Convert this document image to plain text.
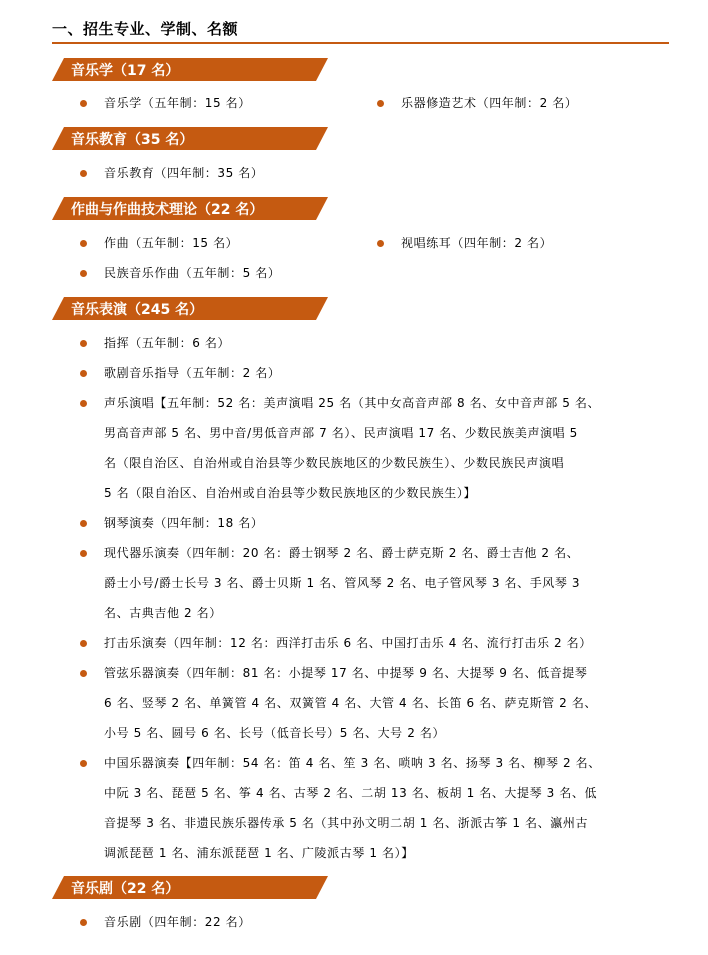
一、招生专业、学制、名额
音乐学（17 名）
音乐学（五年制：15 名）	乐器修造艺术（四年制：2 名）
音乐教育（35 名）
音乐教育（四年制：35 名）
作曲与作曲技术理论（22 名）
作曲（五年制：15 名）	视唱练耳（四年制：2 名）
民族音乐作曲（五年制：5 名）
音乐表演（245 名）
指挥（五年制：6 名）
歌剧音乐指导（五年制：2 名）
声乐演唱【五年制：52 名：美声演唱 25 名（其中女高音声部 8 名、女中音声部 5 名、
男高音声部 5 名、男中音/男低音声部 7 名）、民声演唱 17 名、少数民族美声演唱 5
名（限自治区、自治州或自治县等少数民族地区的少数民族生）、少数民族民声演唱
5 名（限自治区、自治州或自治县等少数民族地区的少数民族生）】
钢琴演奏（四年制：18 名）
现代器乐演奏（四年制：20 名：爵士钢琴 2 名、爵士萨克斯 2 名、爵士吉他 2 名、
爵士小号/爵士长号 3 名、爵士贝斯 1 名、管风琴 2 名、电子管风琴 3 名、手风琴 3
名、古典吉他 2 名）
打击乐演奏（四年制：12 名：西洋打击乐 6 名、中国打击乐 4 名、流行打击乐 2 名）
管弦乐器演奏（四年制：81 名：小提琴 17 名、中提琴 9 名、大提琴 9 名、低音提琴
6 名、竖琴 2 名、单簧管 4 名、双簧管 4 名、大管 4 名、长笛 6 名、萨克斯管 2 名、
小号 5 名、圆号 6 名、长号（低音长号）5 名、大号 2 名）
中国乐器演奏【四年制：54 名：笛 4 名、笙 3 名、唢呐 3 名、扬琴 3 名、柳琴 2 名、
中阮 3 名、琵琶 5 名、筝 4 名、古琴 2 名、二胡 13 名、板胡 1 名、大提琴 3 名、低
音提琴 3 名、非遗民族乐器传承 5 名（其中孙文明二胡 1 名、浙派古筝 1 名、瀛州古
调派琵琶 1 名、浦东派琵琶 1 名、广陵派古琴 1 名）】
音乐剧（22 名）
音乐剧（四年制：22 名）
